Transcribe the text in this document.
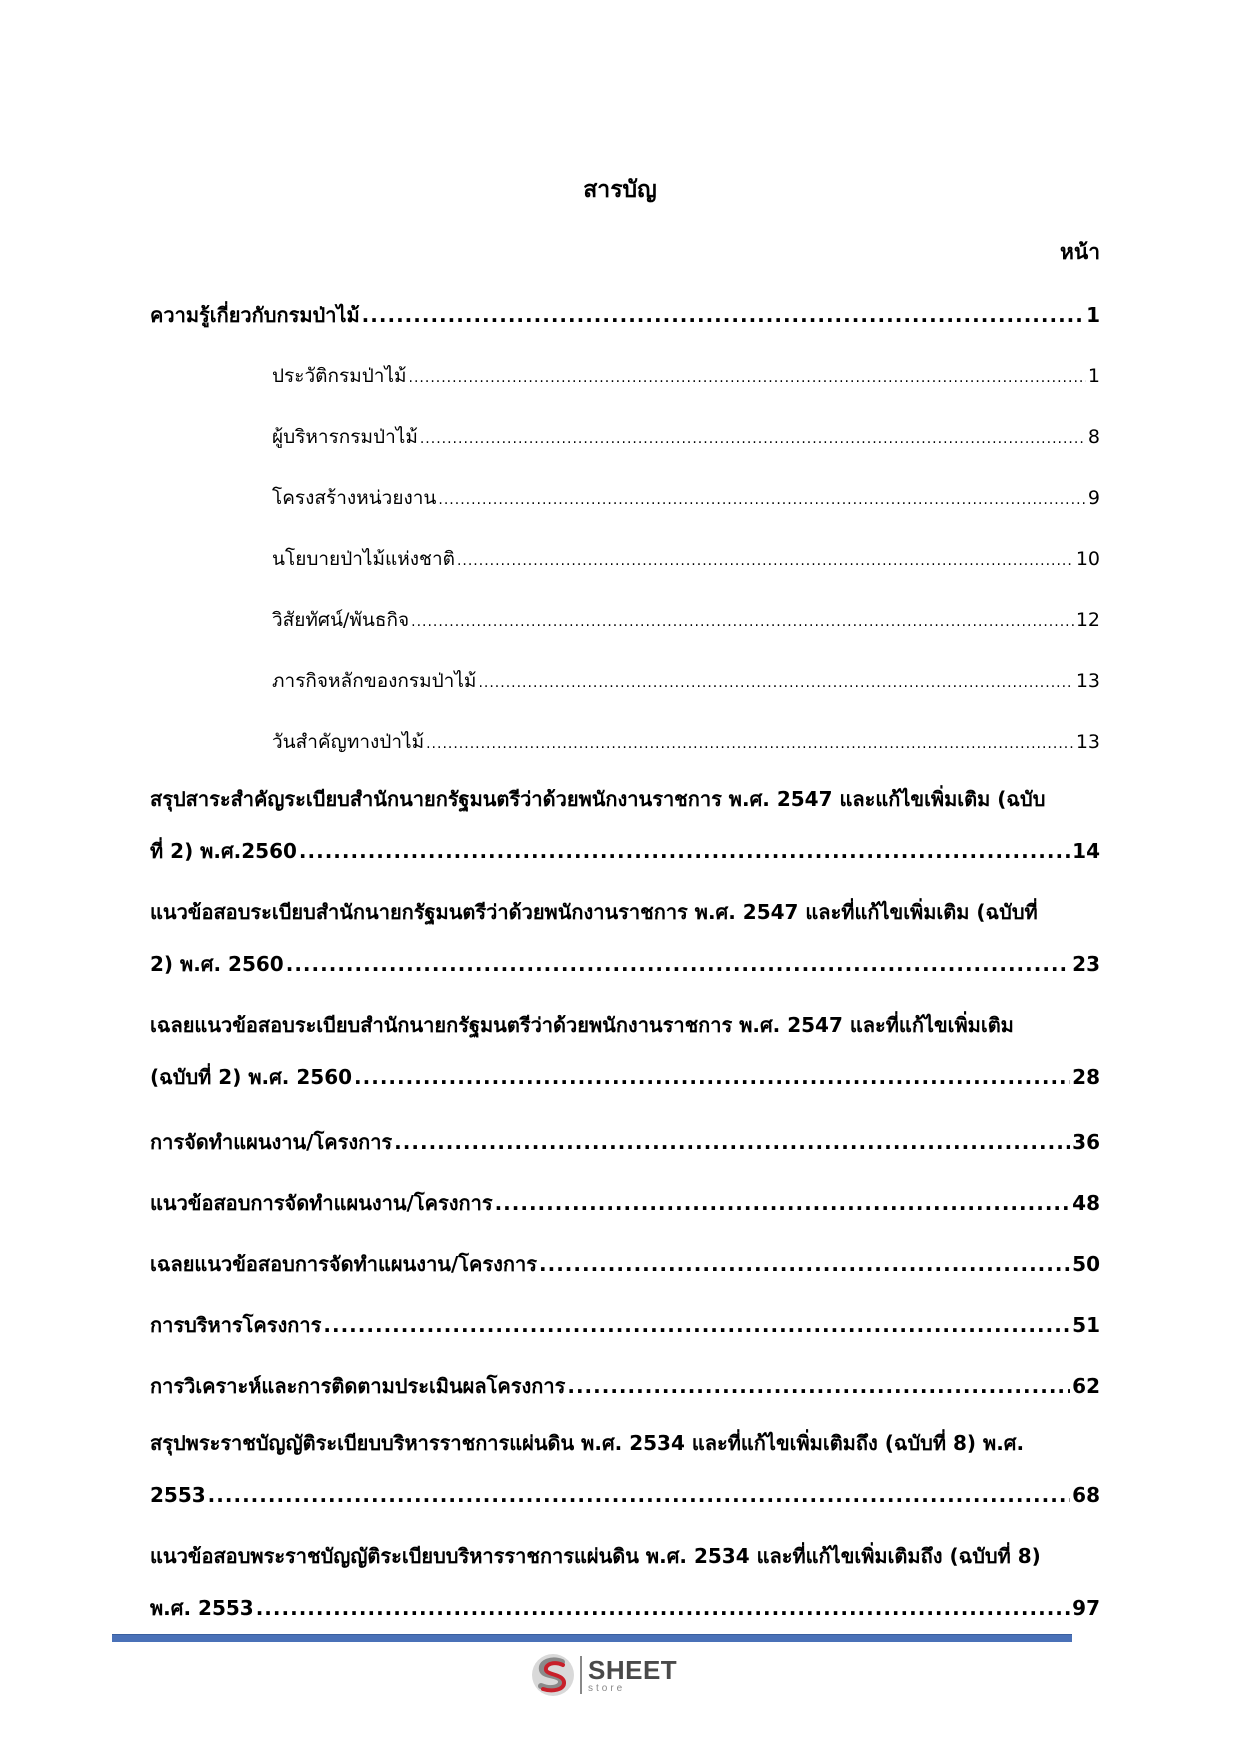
สารบัญ
หน้า
ความรู้เกี่ยวกับกรมป่าไม้ .....	1
ประวัติกรมป่าไม้ .....	1
ผู้บริหารกรมป่าไม้ .....	8
โครงสร้างหน่วยงาน .....	9
นโยบายป่าไม้แห่งชาติ .....	10
วิสัยทัศน์/พันธกิจ .....	12
ภารกิจหลักของกรมป่าไม้ .....	13
วันสำคัญทางป่าไม้ .....	13
สรุปสาระสำคัญระเบียบสำนักนายกรัฐมนตรีว่าด้วยพนักงานราชการ พ.ศ. 2547 และแก้ไขเพิ่มเติม (ฉบับ
ที่ 2) พ.ศ.2560 .....	14
แนวข้อสอบระเบียบสำนักนายกรัฐมนตรีว่าด้วยพนักงานราชการ พ.ศ. 2547 และที่แก้ไขเพิ่มเติม (ฉบับที่
2) พ.ศ. 2560 .....	23
เฉลยแนวข้อสอบระเบียบสำนักนายกรัฐมนตรีว่าด้วยพนักงานราชการ พ.ศ. 2547 และที่แก้ไขเพิ่มเติม
(ฉบับที่ 2) พ.ศ. 2560 .....	28
การจัดทำแผนงาน/โครงการ .....	36
แนวข้อสอบการจัดทำแผนงาน/โครงการ .....	48
เฉลยแนวข้อสอบการจัดทำแผนงาน/โครงการ .....	50
การบริหารโครงการ .....	51
การวิเคราะห์และการติดตามประเมินผลโครงการ .....	62
สรุปพระราชบัญญัติระเบียบบริหารราชการแผ่นดิน พ.ศ. 2534 และที่แก้ไขเพิ่มเติมถึง (ฉบับที่ 8) พ.ศ.
2553 .....	68
แนวข้อสอบพระราชบัญญัติระเบียบบริหารราชการแผ่นดิน พ.ศ. 2534 และที่แก้ไขเพิ่มเติมถึง (ฉบับที่ 8)
พ.ศ. 2553 .....	97
SHEET
store
